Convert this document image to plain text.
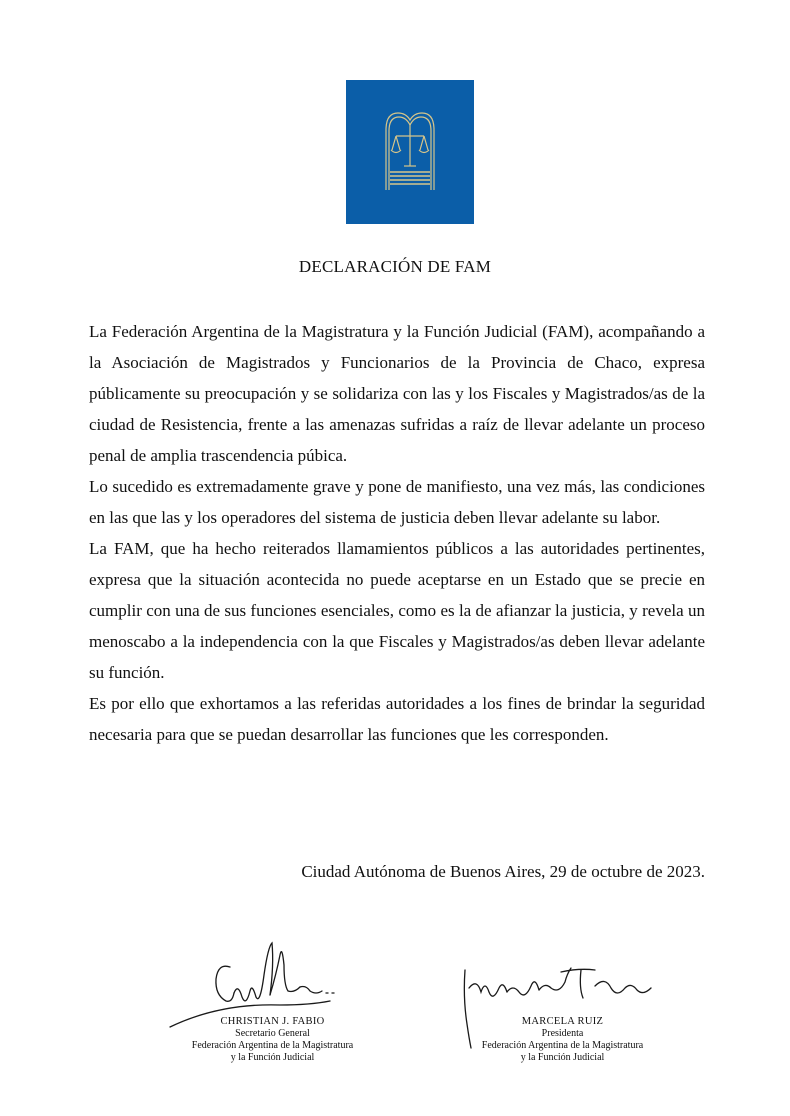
DECLARACIÓN DE FAM

La Federación Argentina de la Magistratura y la Función Judicial (FAM), acompañando a la Asociación de Magistrados y Funcionarios de la Provincia de Chaco, expresa públicamente su preocupación y se solidariza con las y los Fiscales y Magistrados/as de la ciudad de Resistencia, frente a las amenazas sufridas a raíz de llevar adelante un proceso penal de amplia trascendencia púbica.

Lo sucedido es extremadamente grave y pone de manifiesto, una vez más, las condiciones en las que las y los operadores del sistema de justicia deben llevar adelante su labor.

La FAM, que ha hecho reiterados llamamientos públicos a las autoridades pertinentes, expresa que la situación acontecida no puede aceptarse en un Estado que se precie en cumplir con una de sus funciones esenciales, como es la de afianzar la justicia, y revela un menoscabo a la independencia con la que Fiscales y Magistrados/as deben llevar adelante su función.

Es por ello que exhortamos a las referidas autoridades a los fines de brindar la seguridad necesaria para que se puedan desarrollar las funciones que les corresponden.

Ciudad Autónoma de Buenos Aires, 29 de octubre de 2023.
CHRISTIAN J. FABIO
Secretario General
Federación Argentina de la Magistratura
y la Función Judicial
MARCELA RUIZ
Presidenta
Federación Argentina de la Magistratura
y la Función Judicial
